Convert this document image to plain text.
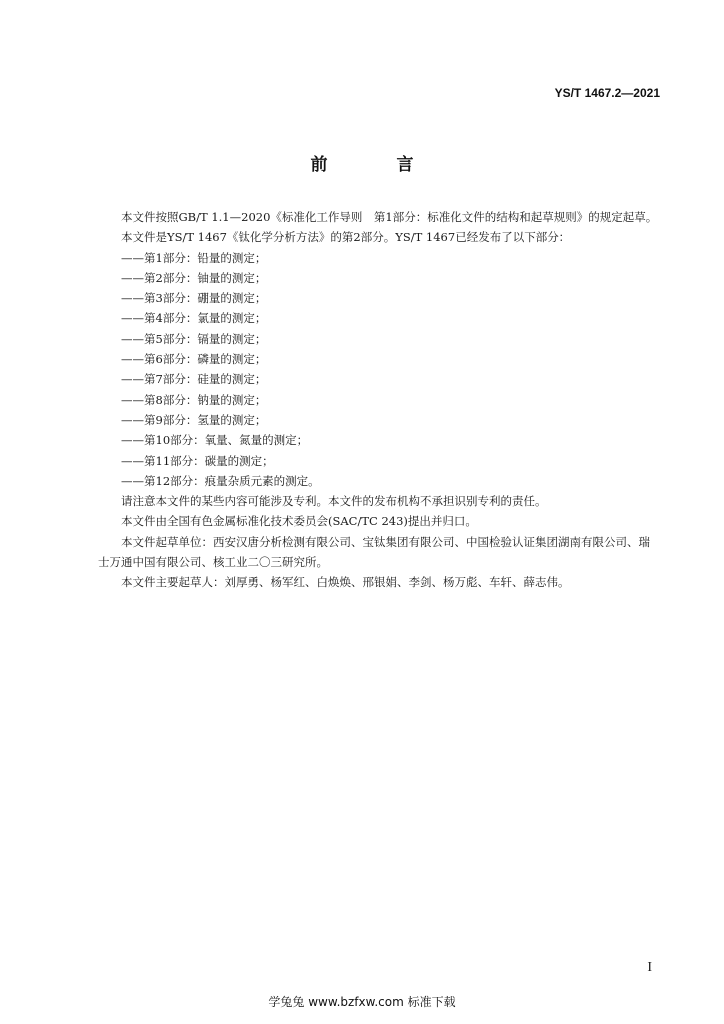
YS/T 1467.2—2021
前　言

本文件按照GB/T 1.1—2020《标准化工作导则　第1部分：标准化文件的结构和起草规则》的规定起草。

本文件是YS/T 1467《钛化学分析方法》的第2部分。YS/T 1467已经发布了以下部分：

——第1部分：铅量的测定；

——第2部分：铀量的测定；

——第3部分：硼量的测定；

——第4部分：氯量的测定；

——第5部分：镉量的测定；

——第6部分：磷量的测定；

——第7部分：硅量的测定；

——第8部分：钠量的测定；

——第9部分：氢量的测定；

——第10部分：氧量、氮量的测定；

——第11部分：碳量的测定；

——第12部分：痕量杂质元素的测定。

请注意本文件的某些内容可能涉及专利。本文件的发布机构不承担识别专利的责任。

本文件由全国有色金属标准化技术委员会(SAC/TC 243)提出并归口。

本文件起草单位：西安汉唐分析检测有限公司、宝钛集团有限公司、中国检验认证集团湖南有限公司、瑞士万通中国有限公司、核工业二〇三研究所。

本文件主要起草人：刘厚勇、杨军红、白焕焕、邢银娟、李剑、杨万彪、车轩、薛志伟。

I
学兔兔 www.bzfxw.com 标准下载
